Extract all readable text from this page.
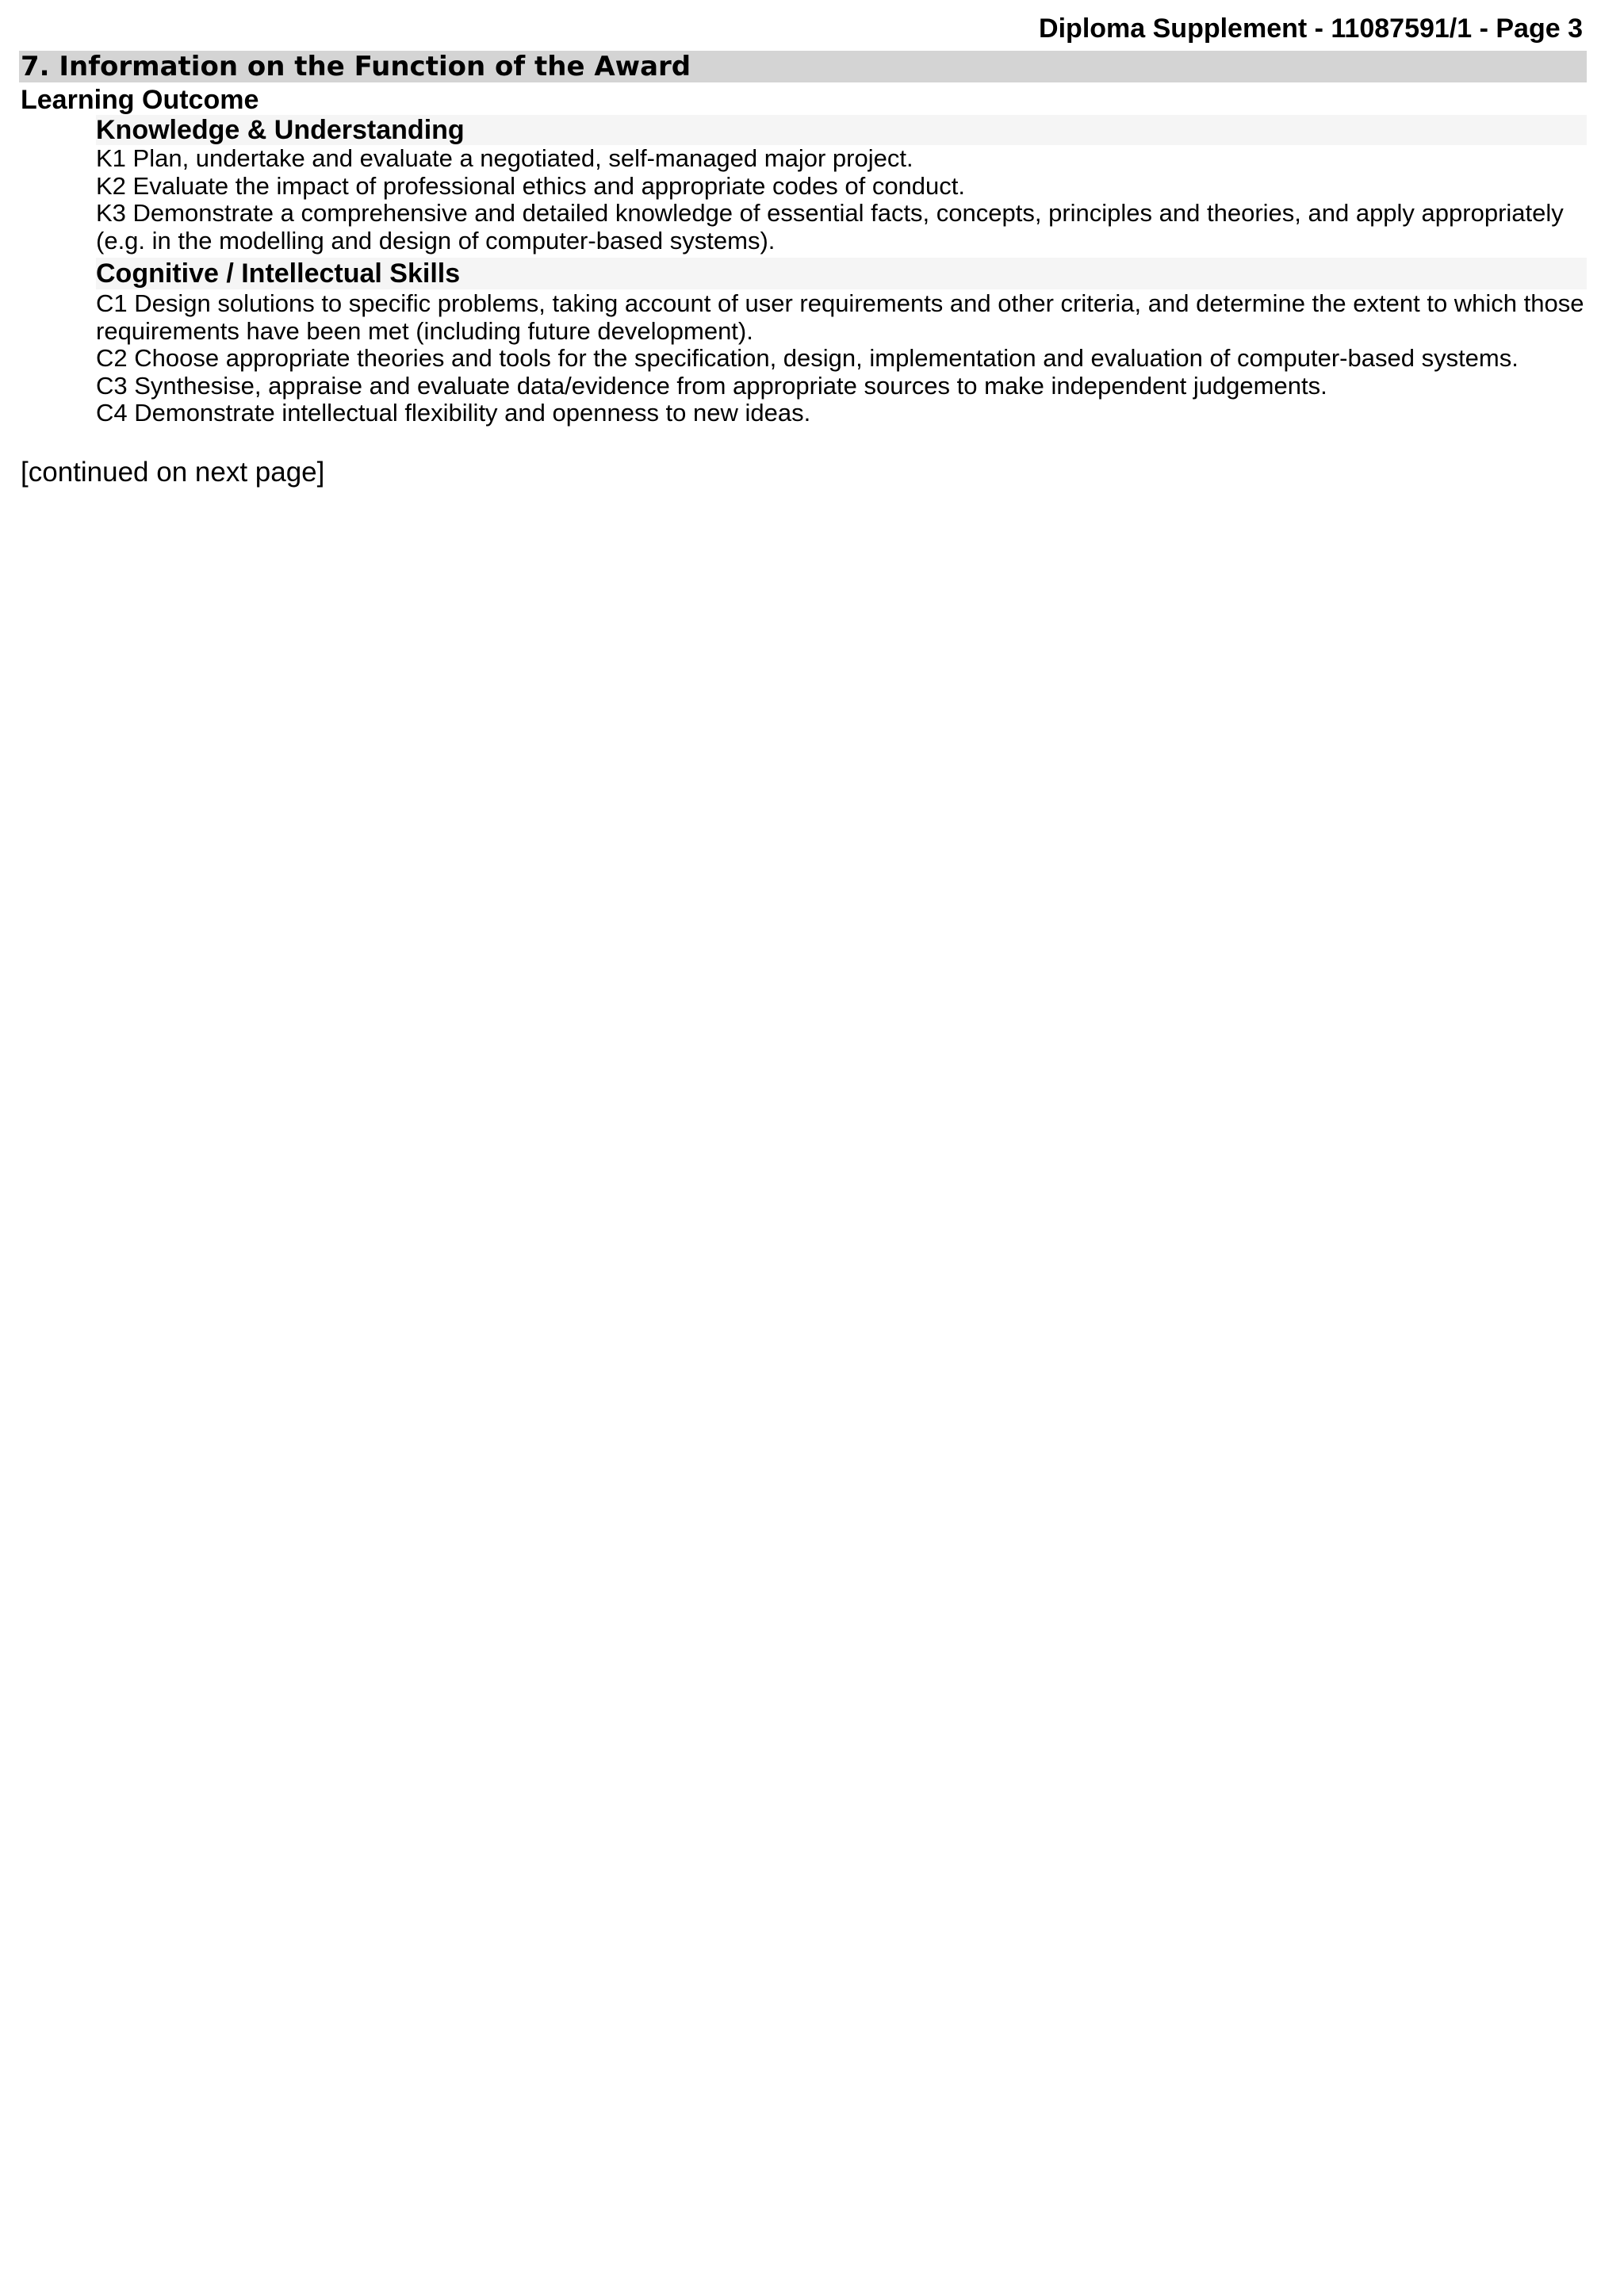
Diploma Supplement - 11087591/1 - Page 3
7. Information on the Function of the Award
Learning Outcome
Knowledge & Understanding
K1 Plan, undertake and evaluate a negotiated, self-managed major project.
K2 Evaluate the impact of professional ethics and appropriate codes of conduct.
K3 Demonstrate a comprehensive and detailed knowledge of essential facts, concepts, principles and theories, and apply appropriately (e.g. in the modelling and design of computer-based systems).
Cognitive / Intellectual Skills
C1 Design solutions to specific problems, taking account of user requirements and other criteria, and determine the extent to which those requirements have been met (including future development).
C2 Choose appropriate theories and tools for the specification, design, implementation and evaluation of computer-based systems.
C3 Synthesise, appraise and evaluate data/evidence from appropriate sources to make independent judgements.
C4 Demonstrate intellectual flexibility and openness to new ideas.
[continued on next page]
